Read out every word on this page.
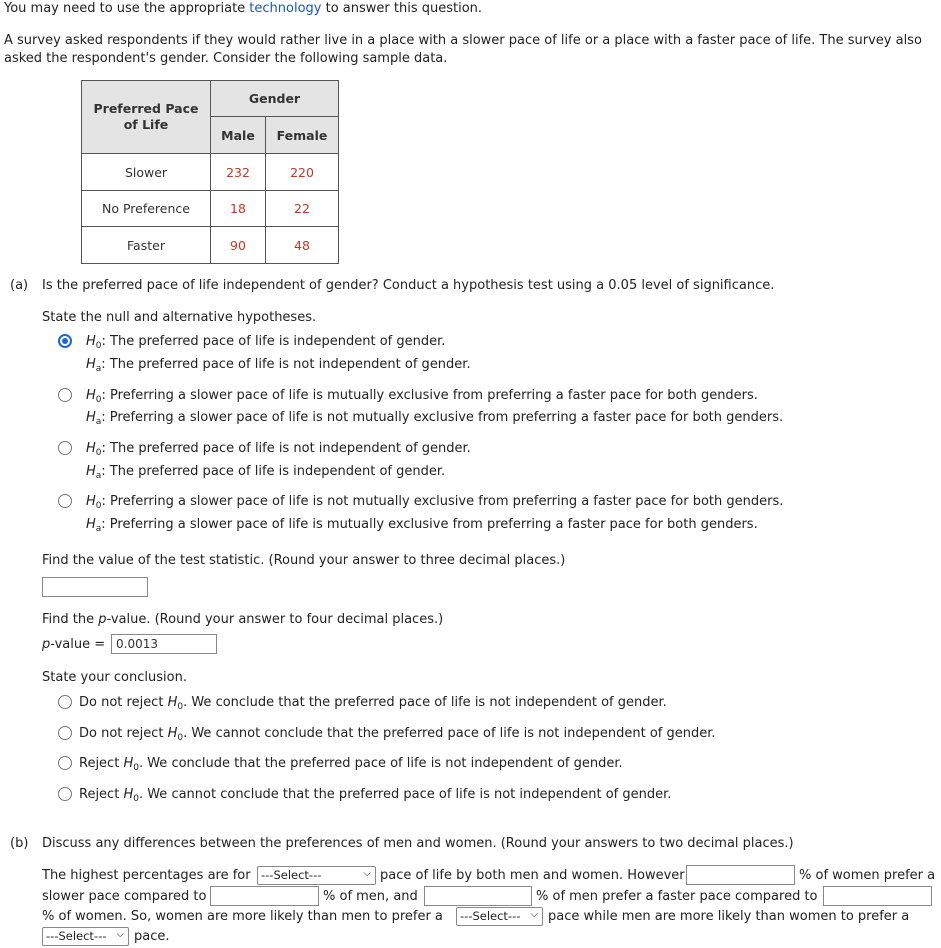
You may need to use the appropriate technology to answer this question.
A survey asked respondents if they would rather live in a place with a slower pace of life or a place with a faster pace of life. The survey also
asked the respondent's gender. Consider the following sample data.
Preferred Pace
of Life	Gender	
	Male	Female
Slower	232	220
No Preference	18	22
Faster	90	48
(a) Is the preferred pace of life independent of gender? Conduct a hypothesis test using a 0.05 level of significance.
State the null and alternative hypotheses.
$H_0$: The preferred pace of life is independent of gender.
$H_a$: The preferred pace of life is not independent of gender.
$H_0$: Preferring a slower pace of life is mutually exclusive from preferring a faster pace for both genders.
$H_a$: Preferring a slower pace of life is not mutually exclusive from preferring a faster pace for both genders.
$H_0$: The preferred pace of life is not independent of gender.
$H_a$: The preferred pace of life is independent of gender.
$H_0$: Preferring a slower pace of life is not mutually exclusive from preferring a faster pace for both genders.
$H_a$: Preferring a slower pace of life is mutually exclusive from preferring a faster pace for both genders.
Find the value of the test statistic. (Round your answer to three decimal places.)
Find the p-value. (Round your answer to four decimal places.)
p-value = 0.0013
State your conclusion.
Do not reject $H_0$. We conclude that the preferred pace of life is not independent of gender.
Do not reject $H_0$. We cannot conclude that the preferred pace of life is not independent of gender.
Reject $H_0$. We conclude that the preferred pace of life is not independent of gender.
Reject $H_0$. We cannot conclude that the preferred pace of life is not independent of gender.
(b) Discuss any differences between the preferences of men and women. (Round your answers to two decimal places.)
The highest percentages are for ---Select---	⌵ pace of life by both men and women. However	% of women prefer a
slower pace compared to	% of men, and	% of men prefer a faster pace compared to
% of women. So, women are more likely than men to prefer a	---Select--- ⌵ pace while men are more likely than women to prefer a
---Select--- ⌵ pace.
